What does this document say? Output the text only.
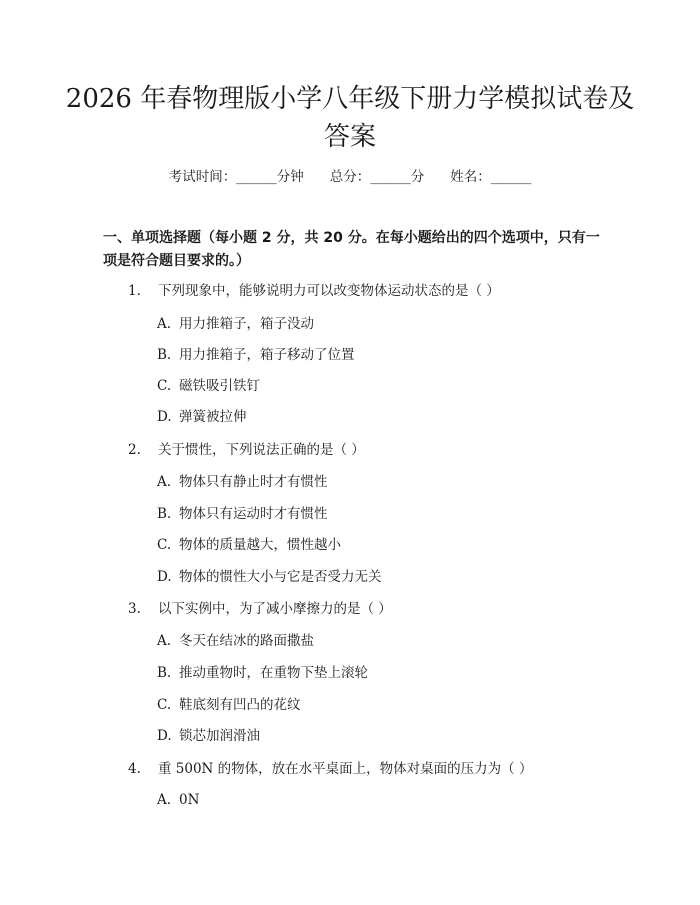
2026 年春物理版小学八年级下册力学模拟试卷及答案
考试时间：______分钟 总分：______分 姓名：______

一、单项选择题（每小题 2 分，共 20 分。在每小题给出的四个选项中，只有一项是符合题目要求的。）

1. 下列现象中，能够说明力可以改变物体运动状态的是（ ）
A. 用力推箱子，箱子没动
B. 用力推箱子，箱子移动了位置
C. 磁铁吸引铁钉
D. 弹簧被拉伸
2. 关于惯性，下列说法正确的是（ ）
A. 物体只有静止时才有惯性
B. 物体只有运动时才有惯性
C. 物体的质量越大，惯性越小
D. 物体的惯性大小与它是否受力无关
3. 以下实例中，为了减小摩擦力的是（ ）
A. 冬天在结冰的路面撒盐
B. 推动重物时，在重物下垫上滚轮
C. 鞋底刻有凹凸的花纹
D. 锁芯加润滑油
4. 重 500N 的物体，放在水平桌面上，物体对桌面的压力为（ ）
A. 0N
